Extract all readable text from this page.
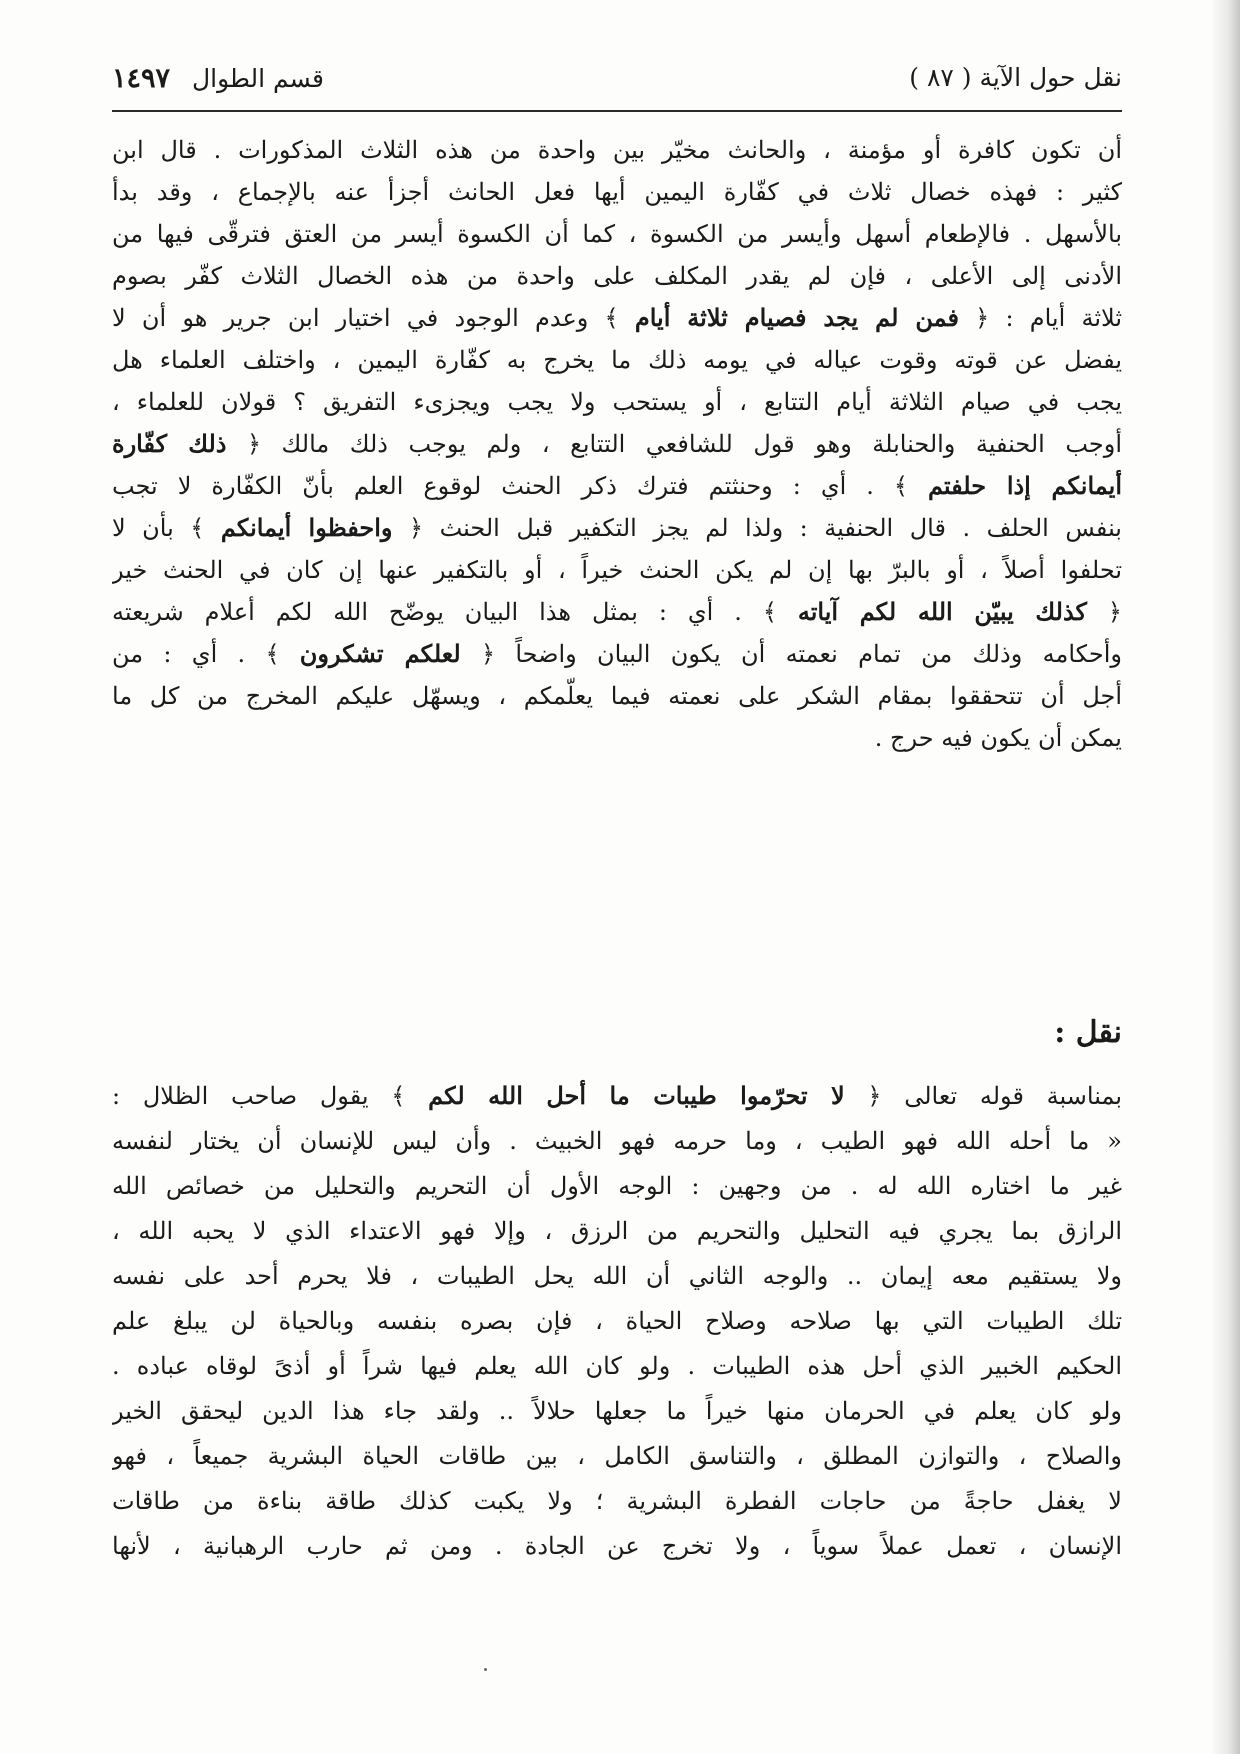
نقل حول الآية ( ٨٧ )
قسم الطوال ١٤٩٧
أن تكون كافرة أو مؤمنة ، والحانث مخيّر بين واحدة من هذه الثلاث المذكورات . قال ابن
كثير : فهذه خصال ثلاث في كفّارة اليمين أيها فعل الحانث أجزأ عنه بالإجماع ، وقد بدأ
بالأسهل . فالإطعام أسهل وأيسر من الكسوة ، كما أن الكسوة أيسر من العتق فترقّى فيها من
الأدنى إلى الأعلى ، فإن لم يقدر المكلف على واحدة من هذه الخصال الثلاث كفّر بصوم
ثلاثة أيام : ﴿ فمن لم يجد فصيام ثلاثة أيام ﴾ وعدم الوجود في اختيار ابن جرير هو أن لا
يفضل عن قوته وقوت عياله في يومه ذلك ما يخرج به كفّارة اليمين ، واختلف العلماء هل
يجب في صيام الثلاثة أيام التتابع ، أو يستحب ولا يجب ويجزىء التفريق ؟ قولان للعلماء ،
أوجب الحنفية والحنابلة وهو قول للشافعي التتابع ، ولم يوجب ذلك مالك ﴿ ذلك كفّارة
أيمانكم إذا حلفتم ﴾ . أي : وحنثتم فترك ذكر الحنث لوقوع العلم بأنّ الكفّارة لا تجب
بنفس الحلف . قال الحنفية : ولذا لم يجز التكفير قبل الحنث ﴿ واحفظوا أيمانكم ﴾ بأن لا
تحلفوا أصلاً ، أو بالبرّ بها إن لم يكن الحنث خيراً ، أو بالتكفير عنها إن كان في الحنث خير
﴿ كذلك يبيّن الله لكم آياته ﴾ . أي : بمثل هذا البيان يوضّح الله لكم أعلام شريعته
وأحكامه وذلك من تمام نعمته أن يكون البيان واضحاً ﴿ لعلكم تشكرون ﴾ . أي : من
أجل أن تتحققوا بمقام الشكر على نعمته فيما يعلّمكم ، ويسهّل عليكم المخرج من كل ما
يمكن أن يكون فيه حرج .
نقل :
بمناسبة قوله تعالى ﴿ لا تحرّموا طيبات ما أحل الله لكم ﴾ يقول صاحب الظلال :
« ما أحله الله فهو الطيب ، وما حرمه فهو الخبيث . وأن ليس للإنسان أن يختار لنفسه
غير ما اختاره الله له . من وجهين : الوجه الأول أن التحريم والتحليل من خصائص الله
الرازق بما يجري فيه التحليل والتحريم من الرزق ، وإلا فهو الاعتداء الذي لا يحبه الله ،
ولا يستقيم معه إيمان .. والوجه الثاني أن الله يحل الطيبات ، فلا يحرم أحد على نفسه
تلك الطيبات التي بها صلاحه وصلاح الحياة ، فإن بصره بنفسه وبالحياة لن يبلغ علم
الحكيم الخبير الذي أحل هذه الطيبات . ولو كان الله يعلم فيها شراً أو أذىً لوقاه عباده .
ولو كان يعلم في الحرمان منها خيراً ما جعلها حلالاً .. ولقد جاء هذا الدين ليحقق الخير
والصلاح ، والتوازن المطلق ، والتناسق الكامل ، بين طاقات الحياة البشرية جميعاً ، فهو
لا يغفل حاجةً من حاجات الفطرة البشرية ؛ ولا يكبت كذلك طاقة بناءة من طاقات
الإنسان ، تعمل عملاً سوياً ، ولا تخرج عن الجادة . ومن ثم حارب الرهبانية ، لأنها
